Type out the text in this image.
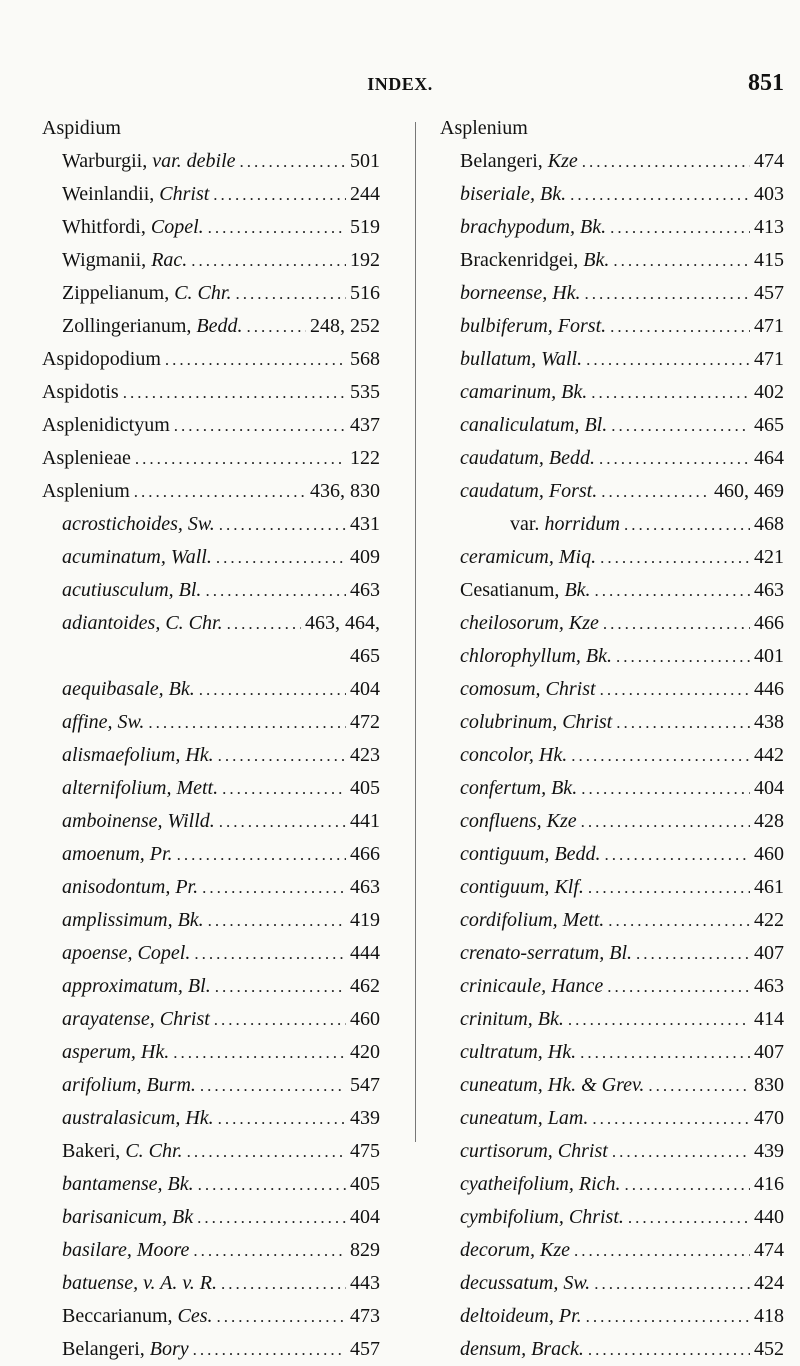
INDEX.	851
Aspidium
Warburgii, var. debile .....	501
Weinlandii, Christ .....	244
Whitfordi, Copel. .....	519
Wigmanii, Rac. .....	192
Zippelianum, C. Chr. .....	516
Zollingerianum, Bedd. .....	248, 252
Aspidopodium .....	568
Aspidotis .....	535
Asplenidictyum .....	437
Asplenieae .....	122
Asplenium .....	436, 830
acrostichoides, Sw. .....	431
acuminatum, Wall. .....	409
acutiusculum, Bl. .....	463
adiantoides, C. Chr. .....	463, 464,
465
aequibasale, Bk. .....	404
affine, Sw. .....	472
alismaefolium, Hk. .....	423
alternifolium, Mett. .....	405
amboinense, Willd. .....	441
amoenum, Pr. .....	466
anisodontum, Pr. .....	463
amplissimum, Bk. .....	419
apoense, Copel. .....	444
approximatum, Bl. .....	462
arayatense, Christ .....	460
asperum, Hk. .....	420
arifolium, Burm. .....	547
australasicum, Hk. .....	439
Bakeri, C. Chr. .....	475
bantamense, Bk. .....	405
barisanicum, Bk .....	404
basilare, Moore .....	829
batuense, v. A. v. R. .....	443
Beccarianum, Ces. .....	473
Belangeri, Bory .....	457
Asplenium
Belangeri, Kze .....	474
biseriale, Bk. .....	403
brachypodum, Bk. .....	413
Brackenridgei, Bk. .....	415
borneense, Hk. .....	457
bulbiferum, Forst. .....	471
bullatum, Wall. .....	471
camarinum, Bk. .....	402
canaliculatum, Bl. .....	465
caudatum, Bedd. .....	464
caudatum, Forst. .....	460, 469
var. horridum .....	468
ceramicum, Miq. .....	421
Cesatianum, Bk. .....	463
cheilosorum, Kze .....	466
chlorophyllum, Bk. .....	401
comosum, Christ .....	446
colubrinum, Christ .....	438
concolor, Hk. .....	442
confertum, Bk. .....	404
confluens, Kze .....	428
contiguum, Bedd. .....	460
contiguum, Klf. .....	461
cordifolium, Mett. .....	422
crenato-serratum, Bl. .....	407
crinicaule, Hance .....	463
crinitum, Bk. .....	414
cultratum, Hk. .....	407
cuneatum, Hk. & Grev. .....	830
cuneatum, Lam. .....	470
curtisorum, Christ .....	439
cyatheifolium, Rich. .....	416
cymbifolium, Christ. .....	440
decorum, Kze .....	474
decussatum, Sw. .....	424
deltoideum, Pr. .....	418
densum, Brack. .....	452
